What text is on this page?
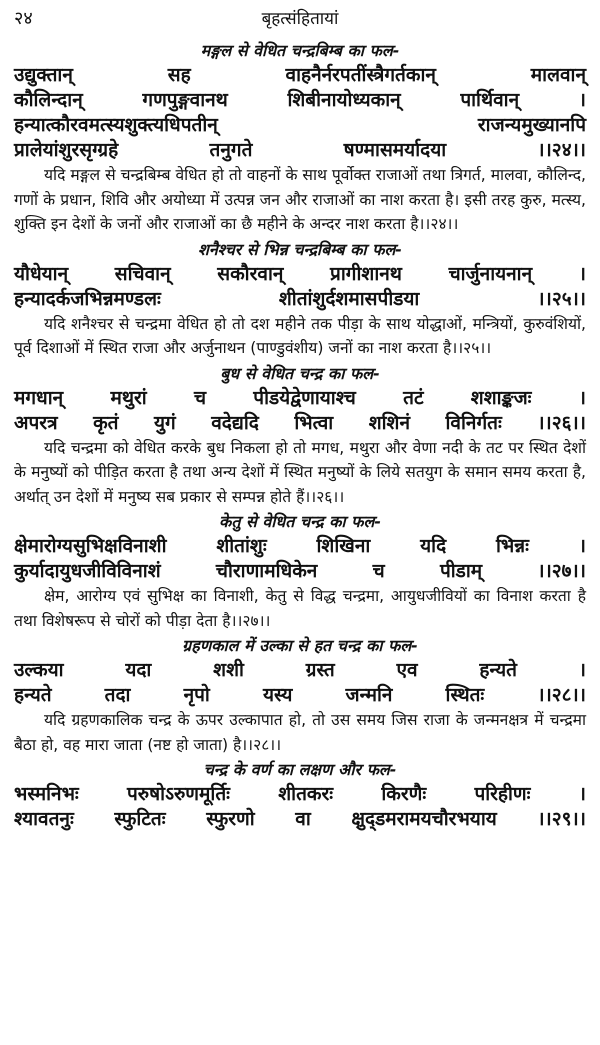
२४	बृहत्संहितायां
मङ्गल से वेधित चन्द्रबिम्ब का फल-
उद्युक्तान्	सह	वाहनैर्नरपतींस्त्रैगर्तकान्	मालवान्
कौलिन्दान्	गणपुङ्गवानथ	शिबीनायोध्यकान्	पार्थिवान्	।
हन्यात्कौरवमत्स्यशुक्त्यधिपतीन्	राजन्यमुख्यानपि
प्रालेयांशुरसृग्ग्रहे	तनुगते	षण्मासमर्यादया	।।२४।।

यदि मङ्गल से चन्द्रबिम्ब वेधित हो तो वाहनों के साथ पूर्वोक्त राजाओं तथा त्रिगर्त, मालवा, कौलिन्द, गणों के प्रधान, शिवि और अयोध्या में उत्पन्न जन और राजाओं का नाश करता है। इसी तरह कुरु, मत्स्य, शुक्ति इन देशों के जनों और राजाओं का छै महीने के अन्दर नाश करता है।।२४।।

शनैश्चर से भिन्न चन्द्रबिम्ब का फल-
यौधेयान् सचिवान् सकौरवान् प्रागीशानथ चार्जुनायनान् ।
हन्यादर्कजभिन्नमण्डलः	शीतांशुर्दशमासपीडया	।।२५।।

यदि शनैश्चर से चन्द्रमा वेधित हो तो दश महीने तक पीड़ा के साथ योद्धाओं, मन्त्रियों, कुरुवंशियों, पूर्व दिशाओं में स्थित राजा और अर्जुनाथन (पाण्डुवंशीय) जनों का नाश करता है।।२५।।

बुध से वेधित चन्द्र का फल-
मगधान् मथुरां च पीडयेद्वेणायाश्च तटं शशाङ्कजः ।
अपरत्र कृतं युगं वदेद्यदि भित्वा शशिनं विनिर्गतः ।।२६।।

यदि चन्द्रमा को वेधित करके बुध निकला हो तो मगध, मथुरा और वेणा नदी के तट पर स्थित देशों के मनुष्यों को पीड़ित करता है तथा अन्य देशों में स्थित मनुष्यों के लिये सतयुग के समान समय करता है, अर्थात् उन देशों में मनुष्य सब प्रकार से सम्पन्न होते हैं।।२६।।

केतु से वेधित चन्द्र का फल-
क्षेमारोग्यसुभिक्षविनाशी	शीतांशुः	शिखिना	यदि	भिन्नः	।
कुर्यादायुधजीविविनाशं	चौराणामधिकेन	च	पीडाम्	।।२७।।

क्षेम, आरोग्य एवं सुभिक्ष का विनाशी, केतु से विद्ध चन्द्रमा, आयुधजीवियों का विनाश करता है तथा विशेषरूप से चोरों को पीड़ा देता है।।२७।।

ग्रहणकाल में उल्का से हत चन्द्र का फल-
उल्कया	यदा	शशी	ग्रस्त	एव	हन्यते	।
हन्यते	तदा	नृपो	यस्य	जन्मनि	स्थितः	।।२८।।

यदि ग्रहणकालिक चन्द्र के ऊपर उल्कापात हो, तो उस समय जिस राजा के जन्मनक्षत्र में चन्द्रमा बैठा हो, वह मारा जाता (नष्ट हो जाता) है।।२८।।

चन्द्र के वर्ण का लक्षण और फल-
भस्मनिभः	परुषोऽरुणमूर्तिः	शीतकरः	किरणैः	परिहीणः	।
श्यावतनुः स्फुटितः स्फुरणो वा क्षुद्डमरामयचौरभयाय ।।२९।।
